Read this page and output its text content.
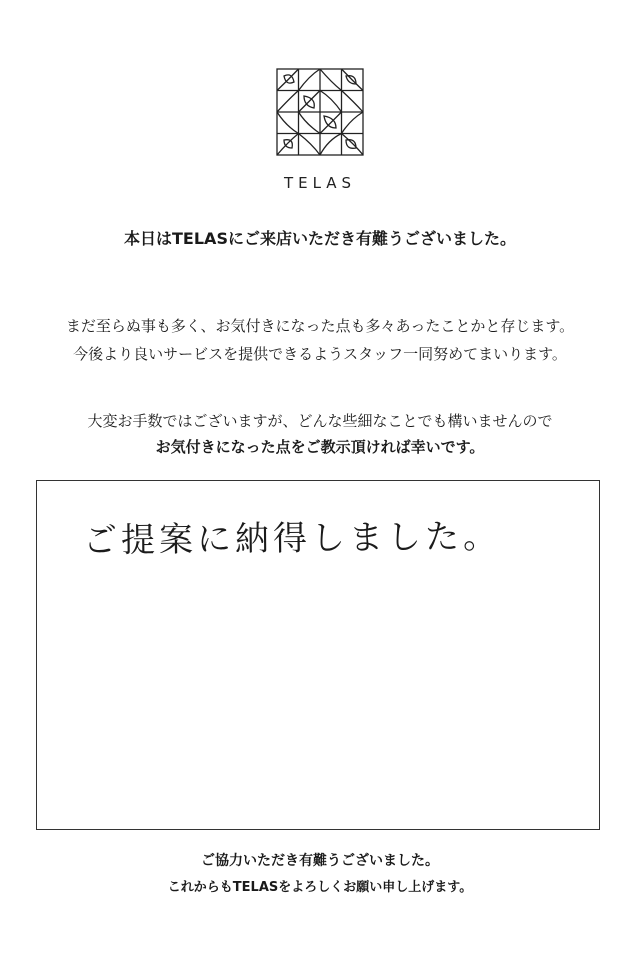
TELAS
本日はTELASにご来店いただき有難うございました。
まだ至らぬ事も多く、お気付きになった点も多々あったことかと存じます。
今後より良いサービスを提供できるようスタッフ一同努めてまいります。
大変お手数ではございますが、どんな些細なことでも構いませんので
お気付きになった点をご教示頂ければ幸いです。
ご提案に納得しました。
ご協力いただき有難うございました。
これからもTELASをよろしくお願い申し上げます。
